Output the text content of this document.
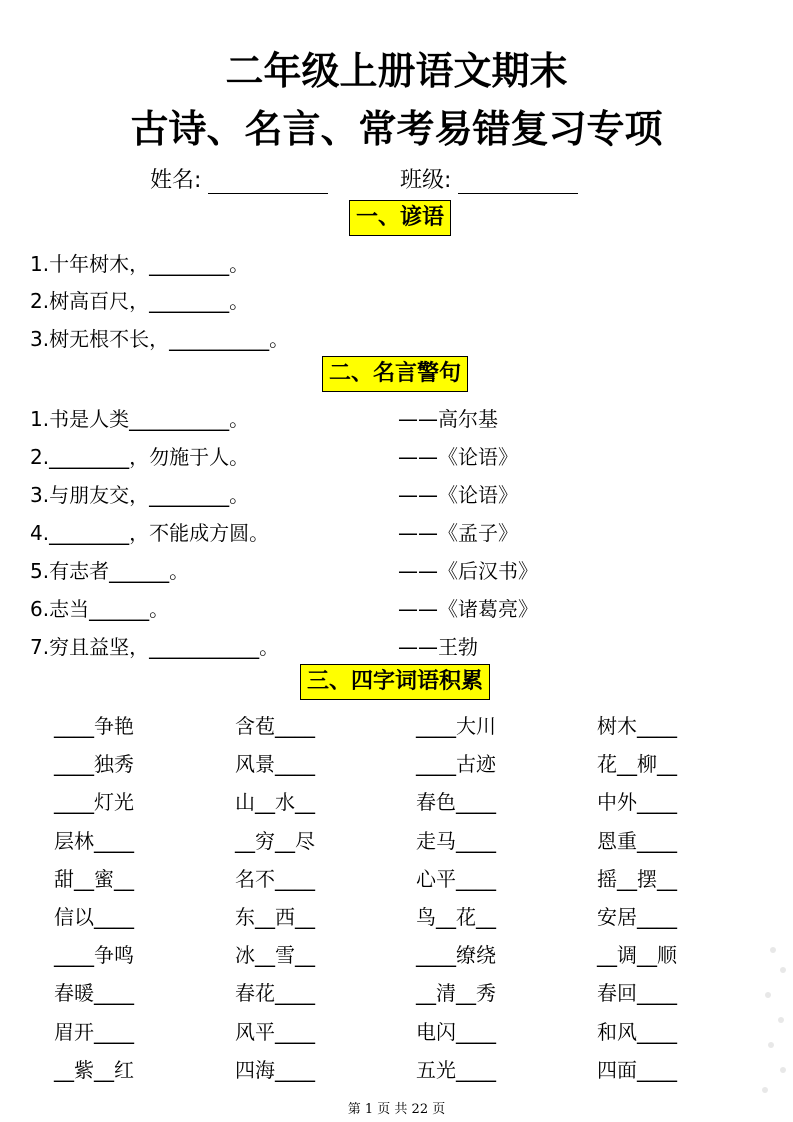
二年级上册语文期末
古诗、名言、常考易错复习专项
姓名:	班级:
一、谚语
1.十年树木，________。
2.树高百尺，________。
3.树无根不长，__________。
二、名言警句
1.书是人类__________。	——高尔基
2.________，勿施于人。	——《论语》
3.与朋友交，________。	——《论语》
4.________，不能成方圆。	——《孟子》
5.有志者______。	——《后汉书》
6.志当______。	——《诸葛亮》
7.穷且益坚，___________。	——王勃
三、四字词语积累
____争艳	含苞____	____大川	树木____
____独秀	风景____	____古迹	花__柳__
____灯光	山__水__	春色____	中外____
层林____	__穷__尽	走马____	恩重____
甜__蜜__	名不____	心平____	摇__摆__
信以____	东__西__	鸟__花__	安居____
____争鸣	冰__雪__	____缭绕	__调__顺
春暖____	春花____	__清__秀	春回____
眉开____	风平____	电闪____	和风____
__紫__红	四海____	五光____	四面____
第 1 页 共 22 页
